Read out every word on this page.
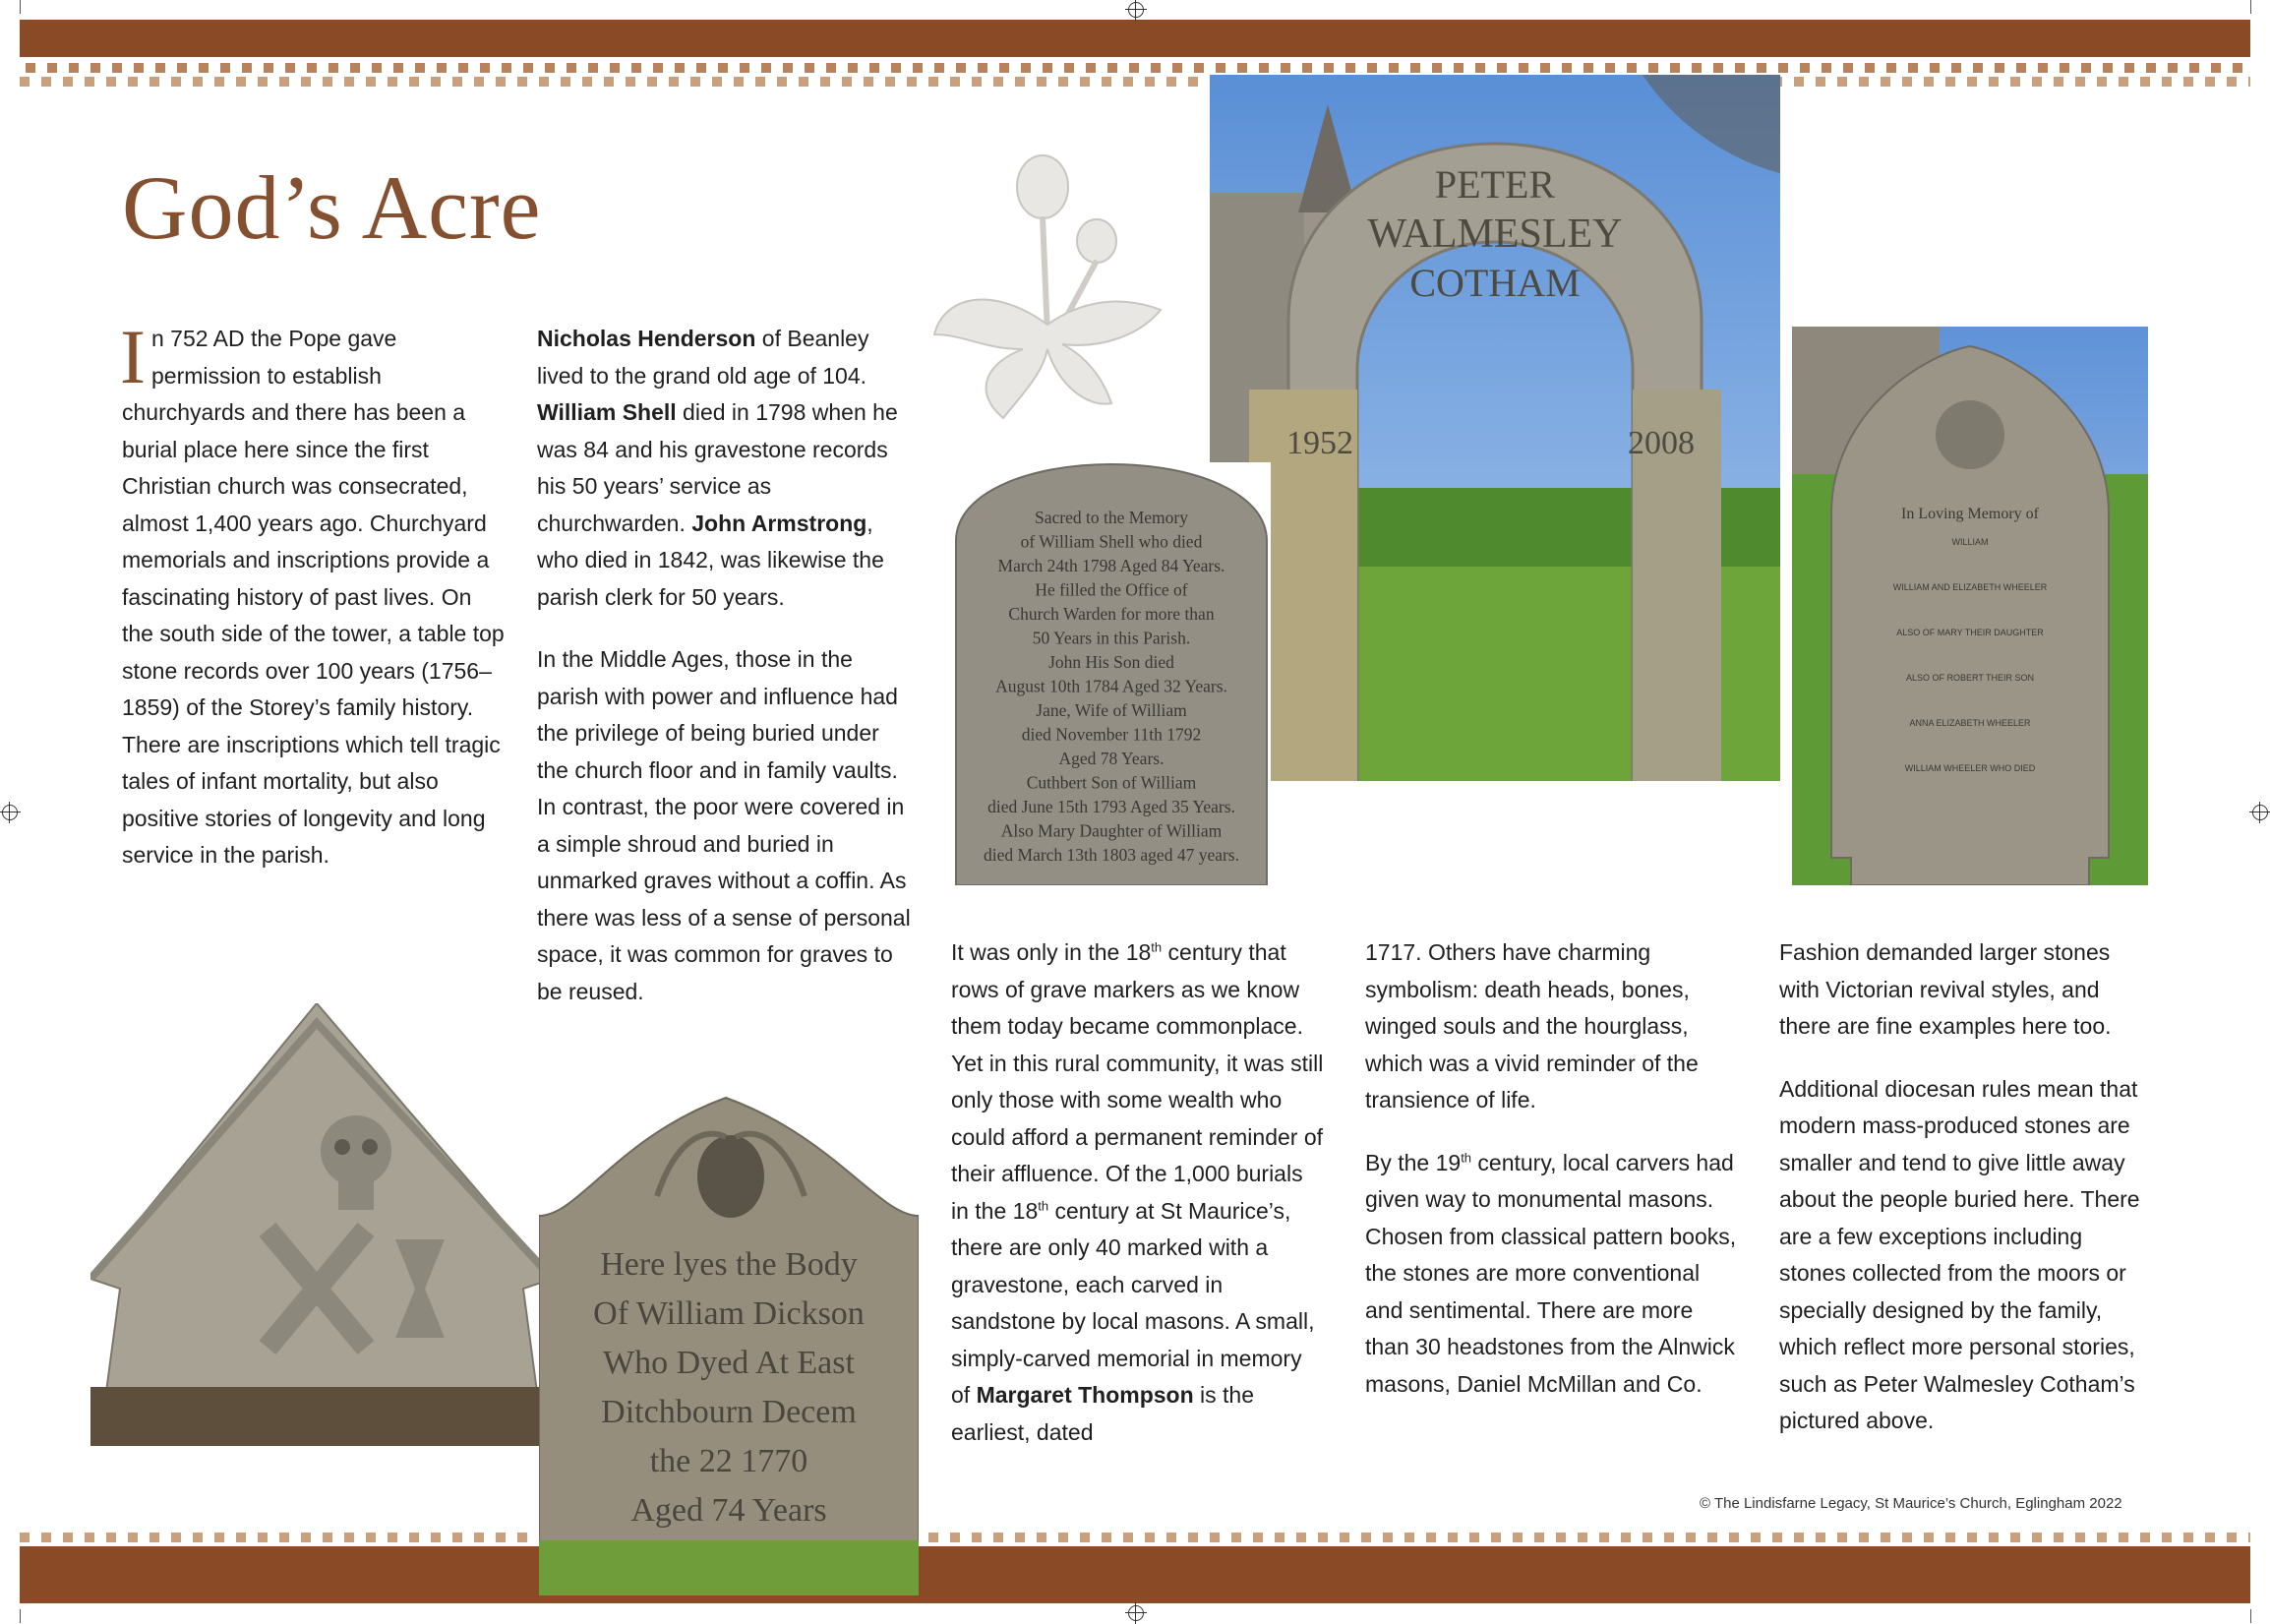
God’s Acre

In 752 AD the Pope gave permission to establish churchyards and there has been a burial place here since the first Christian church was consecrated, almost 1,400 years ago. Churchyard memorials and inscriptions provide a fascinating history of past lives. On the south side of the tower, a table top stone records over 100 years (1756–1859) of the Storey’s family history. There are inscriptions which tell tragic tales of infant mortality, but also positive stories of longevity and long service in the parish.

Nicholas Henderson of Beanley lived to the grand old age of 104. William Shell died in 1798 when he was 84 and his gravestone records his 50 years’ service as churchwarden. John Armstrong, who died in 1842, was likewise the parish clerk for 50 years.

In the Middle Ages, those in the parish with power and influence had the privilege of being buried under the church floor and in family vaults. In contrast, the poor were covered in a simple shroud and buried in unmarked graves without a coffin. As there was less of a sense of personal space, it was common for graves to be reused.

It was only in the 18th century that rows of grave markers as we know them today became commonplace. Yet in this rural community, it was still only those with some wealth who could afford a permanent reminder of their affluence. Of the 1,000 burials in the 18th century at St Maurice’s, there are only 40 marked with a gravestone, each carved in sandstone by local masons. A small, simply-carved memorial in memory of Margaret Thompson is the earliest, dated

1717. Others have charming symbolism: death heads, bones, winged souls and the hourglass, which was a vivid reminder of the transience of life.

By the 19th century, local carvers had given way to monumental masons. Chosen from classical pattern books, the stones are more conventional and sentimental. There are more than 30 headstones from the Alnwick masons, Daniel McMillan and Co.

Fashion demanded larger stones with Victorian revival styles, and there are fine examples here too.

Additional diocesan rules mean that modern mass-produced stones are smaller and tend to give little away about the people buried here. There are a few exceptions including stones collected from the moors or specially designed by the family, which reflect more personal stories, such as Peter Walmesley Cotham’s pictured above.

PETER
WALMESLEY
COTHAM
1952	2008
Sacred to the Memory
of William Shell who died
March 24th 1798 Aged 84 Years.
He filled the Office of
Church Warden for more than
50 Years in this Parish.
John His Son died
August 10th 1784 Aged 32 Years.
Jane, Wife of William
died November 11th 1792
Aged 78 Years.
Cuthbert Son of William
died June 15th 1793 Aged 35 Years.
Also Mary Daughter of William
died March 13th 1803 aged 47 years.
In Loving Memory of
WILLIAM
WILLIAM AND ELIZABETH WHEELER
ALSO OF MARY THEIR DAUGHTER
ALSO OF ROBERT THEIR SON
ANNA ELIZABETH WHEELER
WILLIAM WHEELER WHO DIED
Here lyes the Body
Of William Dickson
Who Dyed At East
Ditchbourn Decem
the 22 1770
Aged 74 Years	© The Lindisfarne Legacy, St Maurice’s Church, Eglingham 2022
